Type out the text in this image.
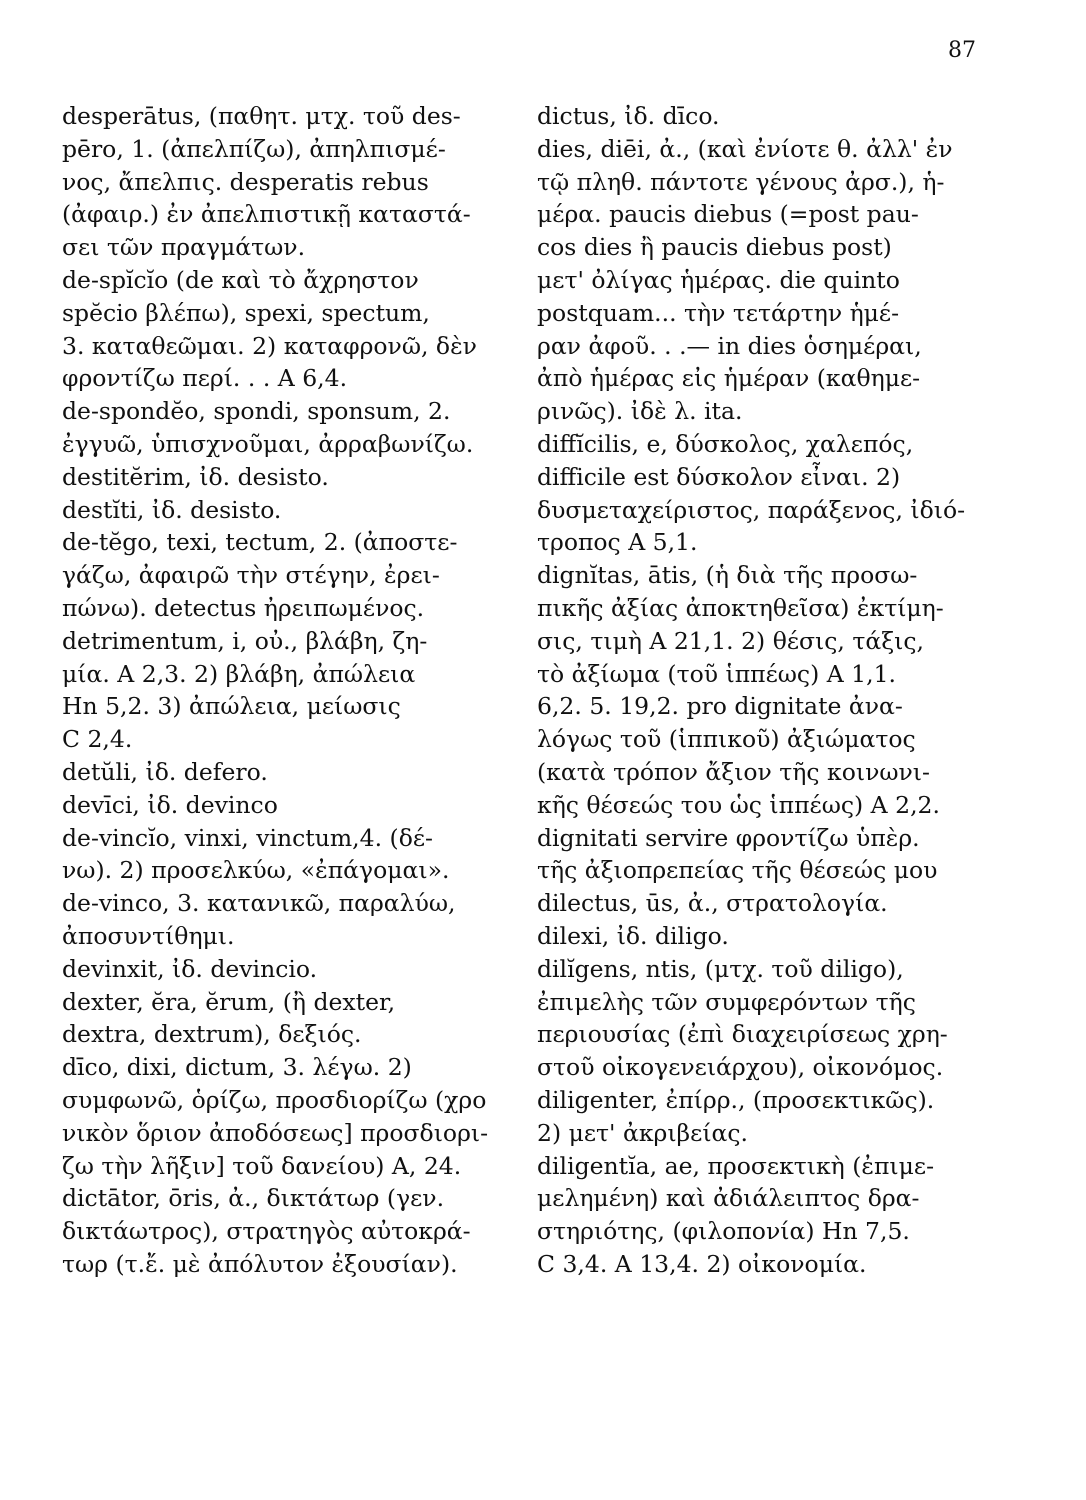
87
desperātus, (παθητ. μτχ. τοῦ des-
pēro, 1. (ἀπελπίζω), ἀπηλπισμέ-
νος, ἄπελπις. desperatis rebus
(ἀφαιρ.) ἐν ἀπελπιστικῇ καταστά-
σει τῶν πραγμάτων.
de-spĭcĭo (de καὶ τὸ ἄχρηστον
spĕcio βλέπω), spexi, spectum,
3. καταθεῶμαι. 2) καταφρονῶ, δὲν
φροντίζω περί. . . A 6,4.
de-spondĕo, spondi, sponsum, 2.
ἐγγυῶ, ὑπισχνοῦμαι, ἀρραβωνίζω.
destitĕrim, ἰδ. desisto.
destĭti, ἰδ. desisto.
de-tĕgo, texi, tectum, 2. (ἀποστε-
γάζω, ἀφαιρῶ τὴν στέγην, ἐρει-
πώνω). detectus ἠρειπωμένος.
detrimentum, i, οὐ., βλάβη, ζη-
μία. A 2,3. 2) βλάβη, ἀπώλεια
Hn 5,2. 3) ἀπώλεια, μείωσις
C 2,4.
detŭli, ἰδ. defero.
devīci, ἰδ. devinco
de-vincĭo, vinxi, vinctum,4. (δέ-
νω). 2) προσελκύω, «ἐπάγομαι».
de-vinco, 3. κατανικῶ, παραλύω,
ἀποσυντίθημι.
devinxit, ἰδ. devincio.
dexter, ĕra, ĕrum, (ἢ dexter,
dextra, dextrum), δεξιός.
dīco, dixi, dictum, 3. λέγω. 2)
συμφωνῶ, ὁρίζω, προσδιορίζω (χρο
νικὸν ὅριον ἀποδόσεως] προσδιορι-
ζω τὴν λῆξιν] τοῦ δανείου) A, 24.
dictātor, ōris, ἀ., δικτάτωρ (γεν.
δικτάωτρος), στρατηγὸς αὐτοκρά-
τωρ (τ.ἔ. μὲ ἀπόλυτον ἐξουσίαν).
dictus, ἰδ. dīco.
dies, diēi, ἀ., (καὶ ἐνίοτε θ. ἀλλ' ἐν
τῷ πληθ. πάντοτε γένους ἀρσ.), ἡ-
μέρα. paucis diebus (=post pau-
cos dies ἢ paucis diebus post)
μετ' ὀλίγας ἡμέρας. die quinto
postquam... τὴν τετάρτην ἡμέ-
ραν ἀφοῦ. . .— in dies ὁσημέραι,
ἀπὸ ἡμέρας εἰς ἡμέραν (καθημε-
ρινῶς). ἰδὲ λ. ita.
diffĭcilis, e, δύσκολος, χαλεπός,
difficile est δύσκολον εἶναι. 2)
δυσμεταχείριστος, παράξενος, ἰδιό-
τροπος A 5,1.
dignĭtas, ātis, (ἡ διὰ τῆς προσω-
πικῆς ἀξίας ἀποκτηθεῖσα) ἐκτίμη-
σις, τιμὴ A 21,1. 2) θέσις, τάξις,
τὸ ἀξίωμα (τοῦ ἱππέως) A 1,1.
6,2. 5. 19,2. pro dignitate ἀνα-
λόγως τοῦ (ἱππικοῦ) ἀξιώματος
(κατὰ τρόπον ἄξιον τῆς κοινωνι-
κῆς θέσεώς του ὡς ἱππέως) A 2,2.
dignitati servire φροντίζω ὑπὲρ.
τῆς ἀξιοπρεπείας τῆς θέσεώς μου
dilectus, ūs, ἀ., στρατολογία.
dilexi, ἰδ. diligo.
dilĭgens, ntis, (μτχ. τοῦ diligo),
ἐπιμελὴς τῶν συμφερόντων τῆς
περιουσίας (ἐπὶ διαχειρίσεως χρη-
στοῦ οἰκογενειάρχου), οἰκονόμος.
diligenter, ἐπίρρ., (προσεκτικῶς).
2) μετ' ἀκριβείας.
diligentĭa, ae, προσεκτικὴ (ἐπιμε-
μελημένη) καὶ ἀδιάλειπτος δρα-
στηριότης, (φιλοπονία) Hn 7,5.
C 3,4. A 13,4. 2) οἰκονομία.
